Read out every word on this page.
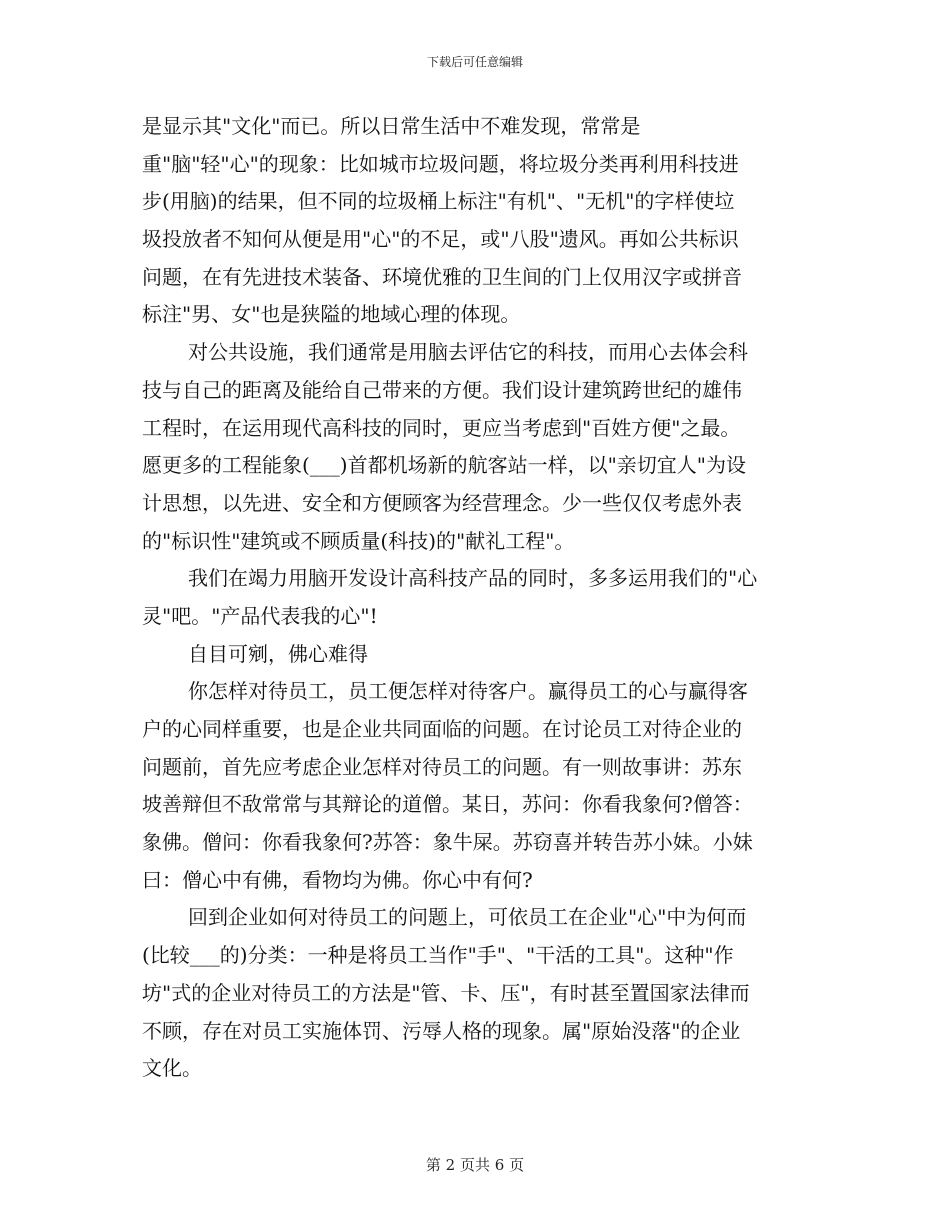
下载后可任意编辑
是显示其"文化"而已。所以日常生活中不难发现，常常是
重"脑"轻"心"的现象：比如城市垃圾问题，将垃圾分类再利用科技进
步(用脑)的结果，但不同的垃圾桶上标注"有机"、"无机"的字样使垃
圾投放者不知何从便是用"心"的不足，或"八股"遗风。再如公共标识
问题，在有先进技术装备、环境优雅的卫生间的门上仅用汉字或拼音
标注"男、女"也是狭隘的地域心理的体现。
对公共设施，我们通常是用脑去评估它的科技，而用心去体会科
技与自己的距离及能给自己带来的方便。我们设计建筑跨世纪的雄伟
工程时，在运用现代高科技的同时，更应当考虑到"百姓方便"之最。
愿更多的工程能象(___)首都机场新的航客站一样，以"亲切宜人"为设
计思想，以先进、安全和方便顾客为经营理念。少一些仅仅考虑外表
的"标识性"建筑或不顾质量(科技)的"献礼工程"。
我们在竭力用脑开发设计高科技产品的同时，多多运用我们的"心
灵"吧。"产品代表我的心"!
自目可剜，佛心难得
你怎样对待员工，员工便怎样对待客户。赢得员工的心与赢得客
户的心同样重要，也是企业共同面临的问题。在讨论员工对待企业的
问题前，首先应考虑企业怎样对待员工的问题。有一则故事讲：苏东
坡善辩但不敌常常与其辩论的道僧。某日，苏问：你看我象何?僧答：
象佛。僧问：你看我象何?苏答：象牛屎。苏窃喜并转告苏小妹。小妹
曰：僧心中有佛，看物均为佛。你心中有何?
回到企业如何对待员工的问题上，可依员工在企业"心"中为何而
(比较___的)分类：一种是将员工当作"手"、"干活的工具"。这种"作
坊"式的企业对待员工的方法是"管、卡、压"，有时甚至置国家法律而
不顾，存在对员工实施体罚、污辱人格的现象。属"原始没落"的企业
文化。
第 2 页共 6 页
